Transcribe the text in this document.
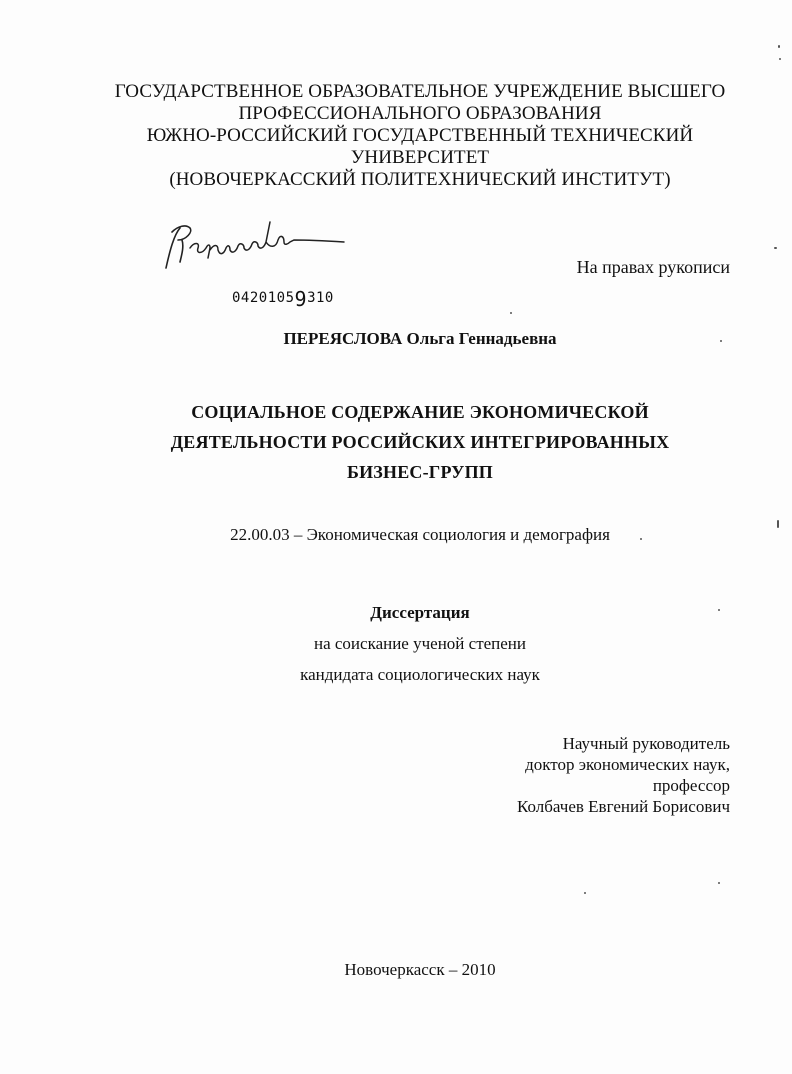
ГОСУДАРСТВЕННОЕ ОБРАЗОВАТЕЛЬНОЕ УЧРЕЖДЕНИЕ ВЫСШЕГО
ПРОФЕССИОНАЛЬНОГО ОБРАЗОВАНИЯ
ЮЖНО-РОССИЙСКИЙ ГОСУДАРСТВЕННЫЙ ТЕХНИЧЕСКИЙ
УНИВЕРСИТЕТ
(НОВОЧЕРКАССКИЙ ПОЛИТЕХНИЧЕСКИЙ ИНСТИТУТ)
Переясл
На правах рукописи
04201059310
ПЕРЕЯСЛОВА Ольга Геннадьевна
СОЦИАЛЬНОЕ СОДЕРЖАНИЕ ЭКОНОМИЧЕСКОЙ
ДЕЯТЕЛЬНОСТИ РОССИЙСКИХ ИНТЕГРИРОВАННЫХ
БИЗНЕС-ГРУПП
22.00.03 – Экономическая социология и демография
Диссертация
на соискание ученой степени
кандидата социологических наук
Научный руководитель
доктор экономических наук,
профессор
Колбачев Евгений Борисович
Новочеркасск – 2010
